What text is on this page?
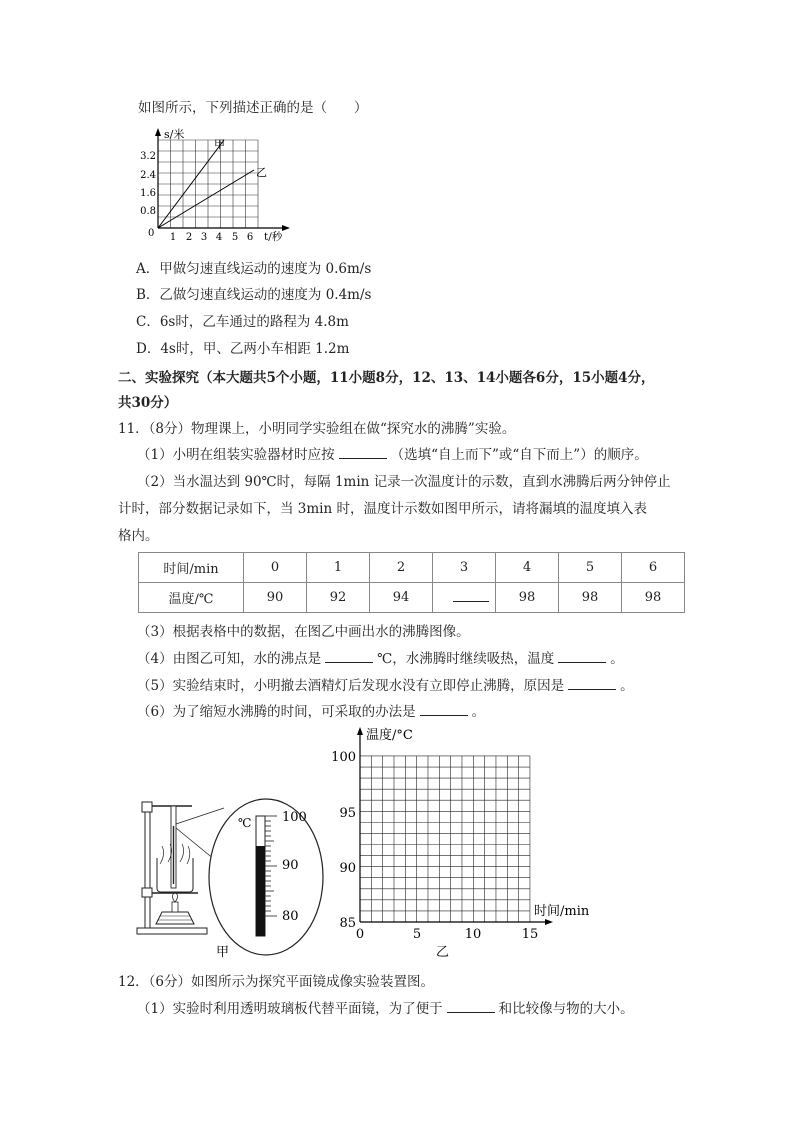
如图所示，下列描述正确的是（　　）
甲
乙
s/米
t/秒
0
0.8
1.6
2.4
3.2
1 2 3 4 5 6
A．甲做匀速直线运动的速度为 0.6m/s
B．乙做匀速直线运动的速度为 0.4m/s
C．6s时，乙车通过的路程为 4.8m
D．4s时，甲、乙两小车相距 1.2m
二、实验探究（本大题共5个小题，11小题8分，12、13、14小题各6分，15小题4分，
共30分）
11．（8分）物理课上，小明同学实验组在做“探究水的沸腾”实验。
（1）小明在组装实验器材时应按	（选填“自上而下”或“自下而上”）的顺序。
（2）当水温达到 90℃时，每隔 1min 记录一次温度计的示数，直到水沸腾后两分钟停止
计时，部分数据记录如下，当 3min 时，温度计示数如图甲所示，请将漏填的温度填入表
格内。
时间/min	0	1	2	3	4	5	6
温度/℃	90	92	94		98	98	98
（3）根据表格中的数据，在图乙中画出水的沸腾图像。
（4）由图乙可知，水的沸点是	℃，水沸腾时继续吸热，温度	。
（5）实验结束时，小明撤去酒精灯后发现水没有立即停止沸腾，原因是	。
（6）为了缩短水沸腾的时间，可采取的办法是	。
℃ 100
90
80
甲
温度/°C
时间/min
100
95
90
85
0	5	10	15
乙
12．（6分）如图所示为探究平面镜成像实验装置图。
（1）实验时利用透明玻璃板代替平面镜，为了便于	和比较像与物的大小。
